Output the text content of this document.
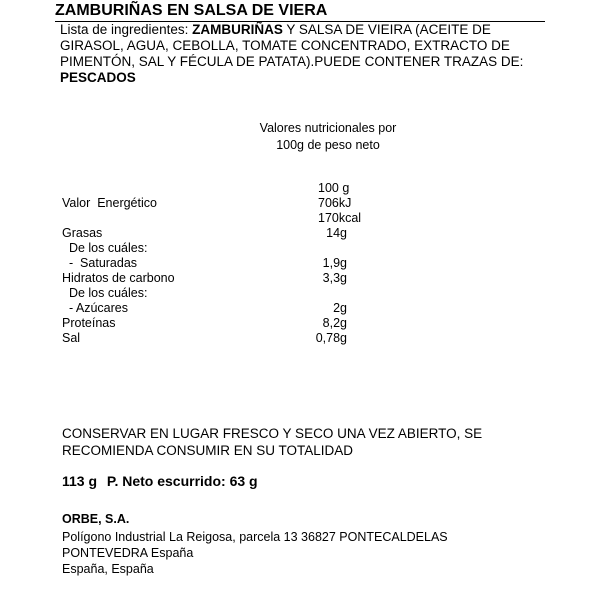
ZAMBURIÑAS EN SALSA DE VIERA
Lista de ingredientes: ZAMBURIÑAS Y SALSA DE VIEIRA (ACEITE DE GIRASOL, AGUA, CEBOLLA, TOMATE CONCENTRADO, EXTRACTO DE PIMENTÓN, SAL Y FÉCULA DE PATATA).PUEDE CONTENER TRAZAS DE: PESCADOS
Valores nutricionales por
100g de peso neto
100 g
Valor  Energético	706kJ
170kcal
Grasas	14g
De los cuáles:
-  Saturadas	1,9g
Hidratos de carbono	3,3g
De los cuáles:
- Azúcares	2g
Proteínas	8,2g
Sal	0,78g
CONSERVAR EN LUGAR FRESCO Y SECO UNA VEZ ABIERTO, SE RECOMIENDA CONSUMIR EN SU TOTALIDAD
113 g P. Neto escurrido: 63 g
ORBE, S.A.
Polígono Industrial La Reigosa, parcela 13 36827 PONTECALDELAS
PONTEVEDRA España
España, España
